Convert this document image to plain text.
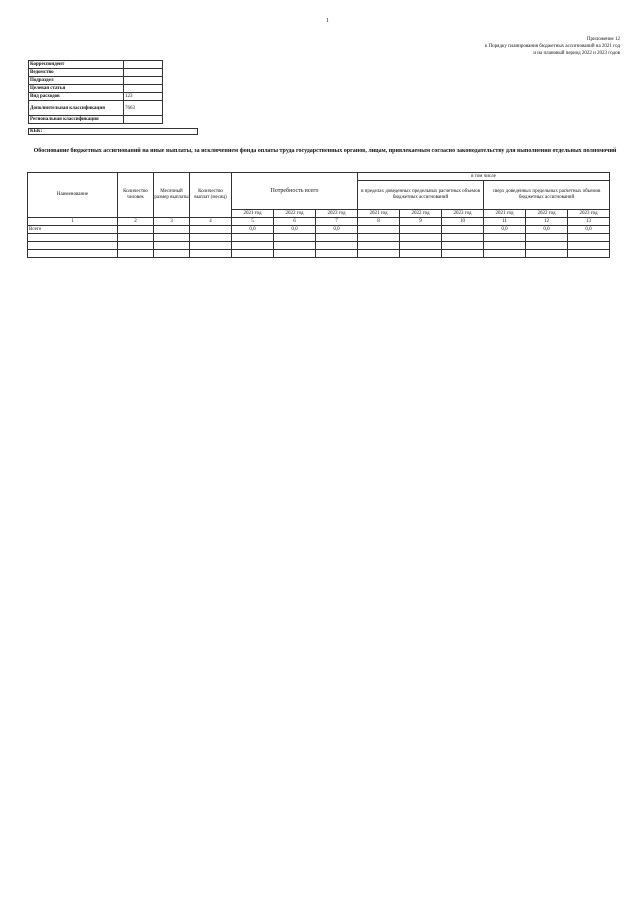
1
Приложение 12
к Порядку планирования бюджетных ассигнований на 2021 год
и на плановый период 2022 и 2023 годов
Корреспондент	
Ведомство	
Подраздел	
Целевая статья	
Вид расходов	123
Дополнительная классификация	7663
Региональная классификация	
КБК:
Обоснование бюджетных ассигнований на иные выплаты, за исключением фонда оплаты труда государственных органов, лицам, привлекаемым согласно законодательству для выполнения отдельных полномочий
Наименование	Количество человек	Месячный размер выплаты	Количество выплат (месяц)	Потребность всего			в том числе					
							в пределах доведенных предельных расчетных объемов бюджетных ассигнований			сверх доведенных предельных расчетных объемов бюджетных ассигнований		
				2021 год	2022 год	2023 год	2021 год	2022 год	2023 год	2021 год	2022 год	2023 год
1	2	3	4	5	6	7	8	9	10	11	12	13
Всего				0,0	0,0	0,0				0,0	0,0	0,0
